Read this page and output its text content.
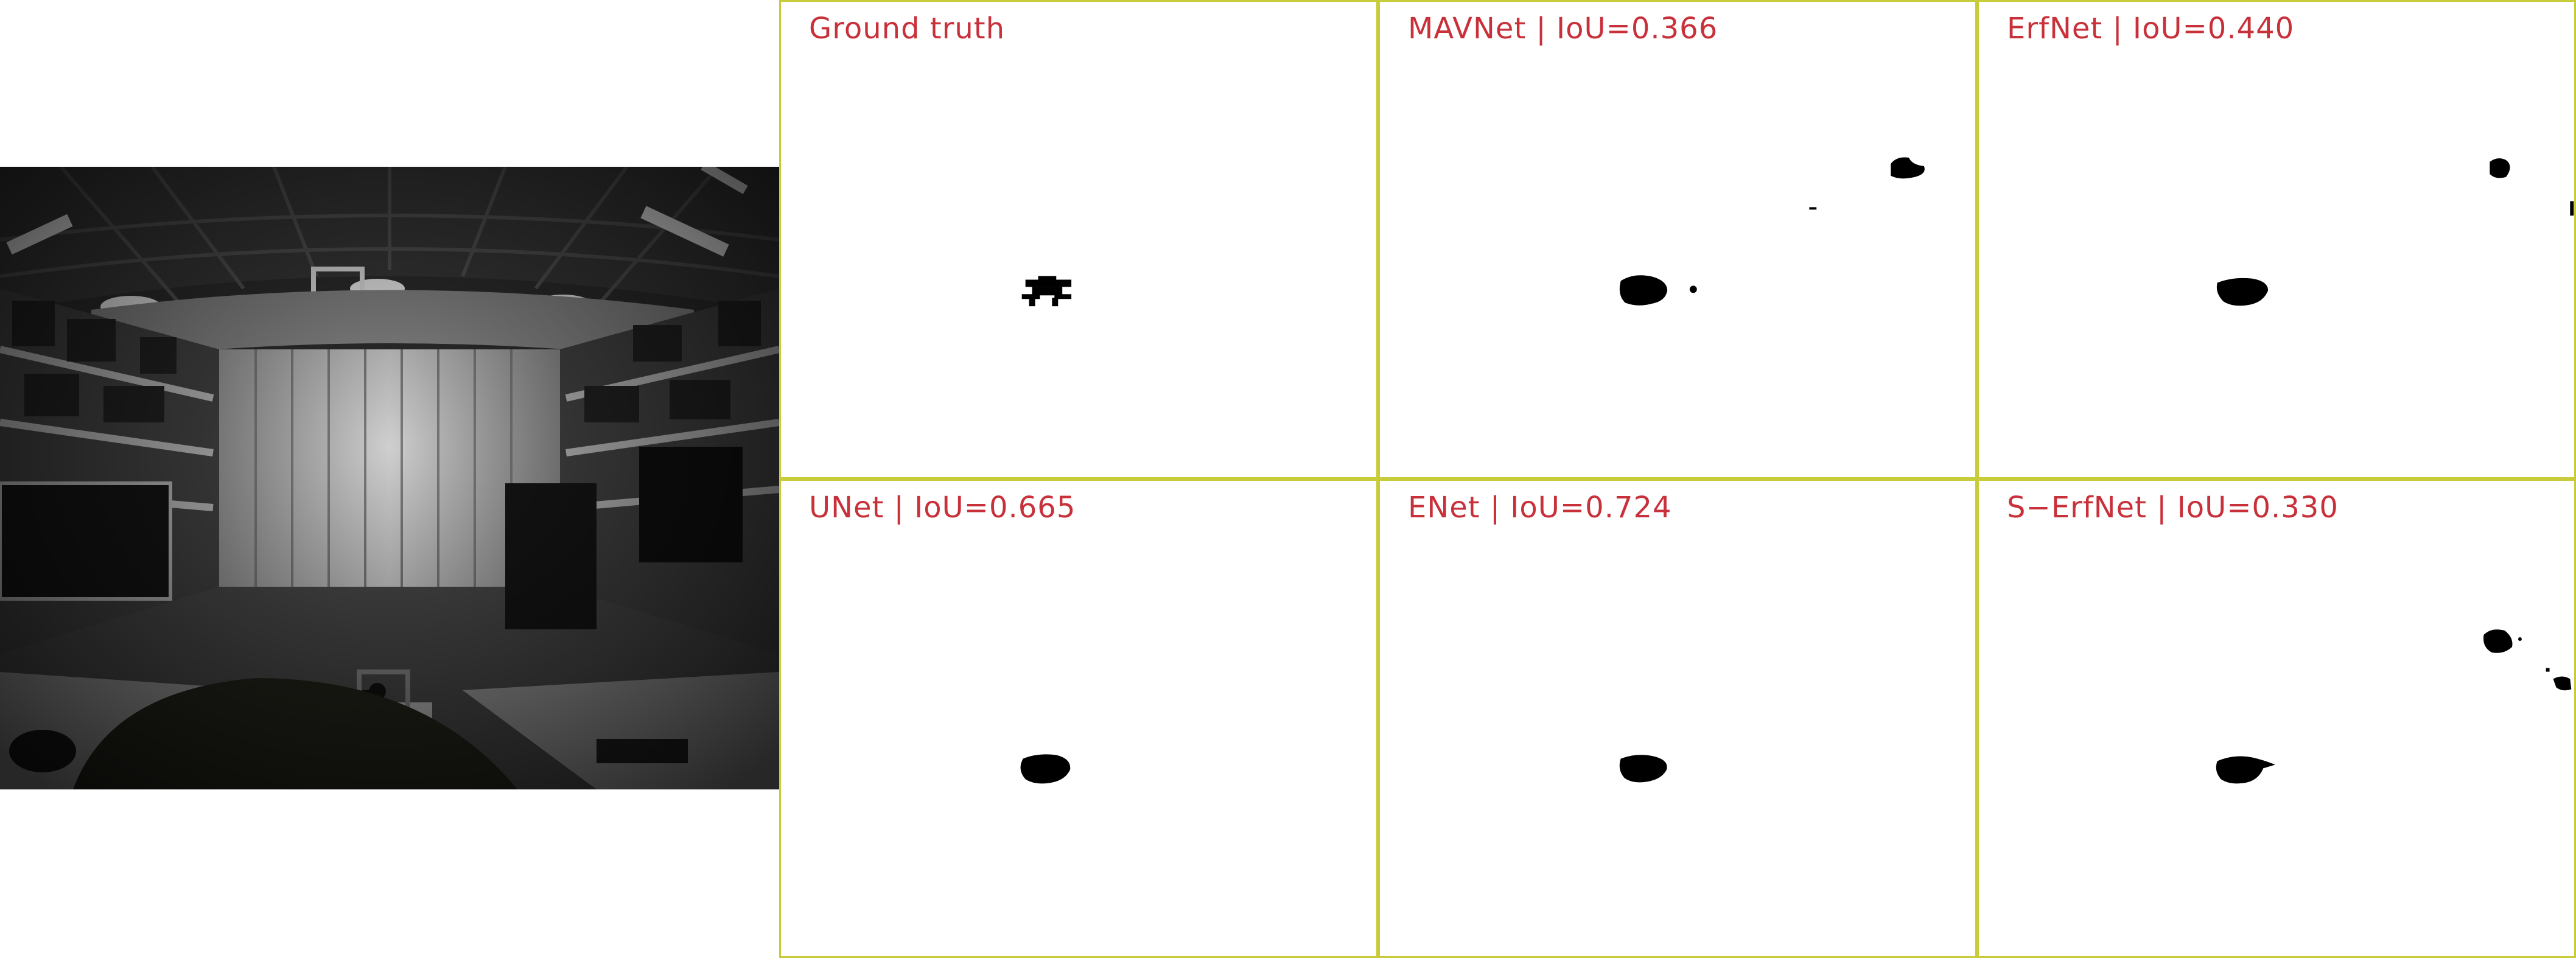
Ground truth	MAVNet | IoU=0.366	ErfNet | IoU=0.440
UNet | IoU=0.665	ENet | IoU=0.724	S−ErfNet | IoU=0.330
